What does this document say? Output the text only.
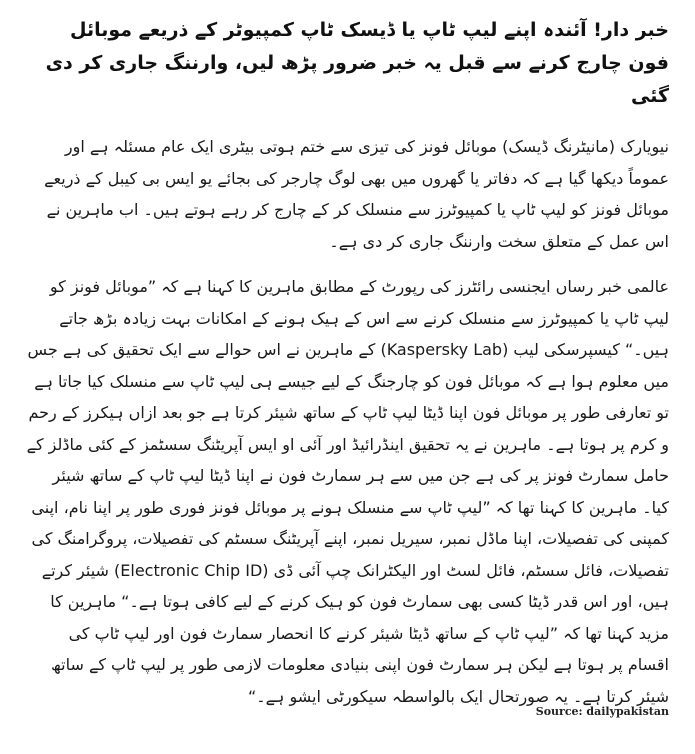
خبر دار! آئندہ اپنے لیپ ٹاپ یا ڈیسک ٹاپ کمپیوٹر کے ذریعے موبائل فون چارج کرنے سے قبل یہ خبر ضرور پڑھ لیں، وارننگ جاری کر دی گئی

نیویارک (مانیٹرنگ ڈیسک) موبائل فونز کی تیزی سے ختم ہوتی بیٹری ایک عام مسئلہ ہے اور عموماً دیکھا گیا ہے کہ دفاتر یا گھروں میں بھی لوگ چارجر کی بجائے یو ایس بی کیبل کے ذریعے موبائل فونز کو لیپ ٹاپ یا کمپیوٹرز سے منسلک کر کے چارج کر رہے ہوتے ہیں۔ اب ماہرین نے اس عمل کے متعلق سخت وارننگ جاری کر دی ہے۔

عالمی خبر رساں ایجنسی رائٹرز کی رپورٹ کے مطابق ماہرین کا کہنا ہے کہ ”موبائل فونز کو لیپ ٹاپ یا کمپیوٹرز سے منسلک کرنے سے اس کے ہیک ہونے کے امکانات بہت زیادہ بڑھ جاتے ہیں۔“ کیسپرسکی لیب (Kaspersky Lab) کے ماہرین نے اس حوالے سے ایک تحقیق کی ہے جس میں معلوم ہوا ہے کہ موبائل فون کو چارجنگ کے لیے جیسے ہی لیپ ٹاپ سے منسلک کیا جاتا ہے تو تعارفی طور پر موبائل فون اپنا ڈیٹا لیپ ٹاپ کے ساتھ شیئر کرتا ہے جو بعد ازاں ہیکرز کے رحم و کرم پر ہوتا ہے۔ ماہرین نے یہ تحقیق اینڈرائیڈ اور آئی او ایس آپریٹنگ سسٹمز کے کئی ماڈلز کے حامل سمارٹ فونز پر کی ہے جن میں سے ہر سمارٹ فون نے اپنا ڈیٹا لیپ ٹاپ کے ساتھ شیئر کیا۔ ماہرین کا کہنا تھا کہ ”لیپ ٹاپ سے منسلک ہونے پر موبائل فونز فوری طور پر اپنا نام، اپنی کمپنی کی تفصیلات، اپنا ماڈل نمبر، سیریل نمبر، اپنے آپریٹنگ سسٹم کی تفصیلات، پروگرامنگ کی تفصیلات، فائل سسٹم، فائل لسٹ اور الیکٹرانک چپ آئی ڈی (Electronic Chip ID) شیئر کرتے ہیں، اور اس قدر ڈیٹا کسی بھی سمارٹ فون کو ہیک کرنے کے لیے کافی ہوتا ہے۔“ ماہرین کا مزید کہنا تھا کہ ”لیپ ٹاپ کے ساتھ ڈیٹا شیئر کرنے کا انحصار سمارٹ فون اور لیپ ٹاپ کی اقسام پر ہوتا ہے لیکن ہر سمارٹ فون اپنی بنیادی معلومات لازمی طور پر لیپ ٹاپ کے ساتھ شیئر کرتا ہے۔ یہ صورتحال ایک بالواسطہ سیکورٹی ایشو ہے۔“

Source: dailypakistan
